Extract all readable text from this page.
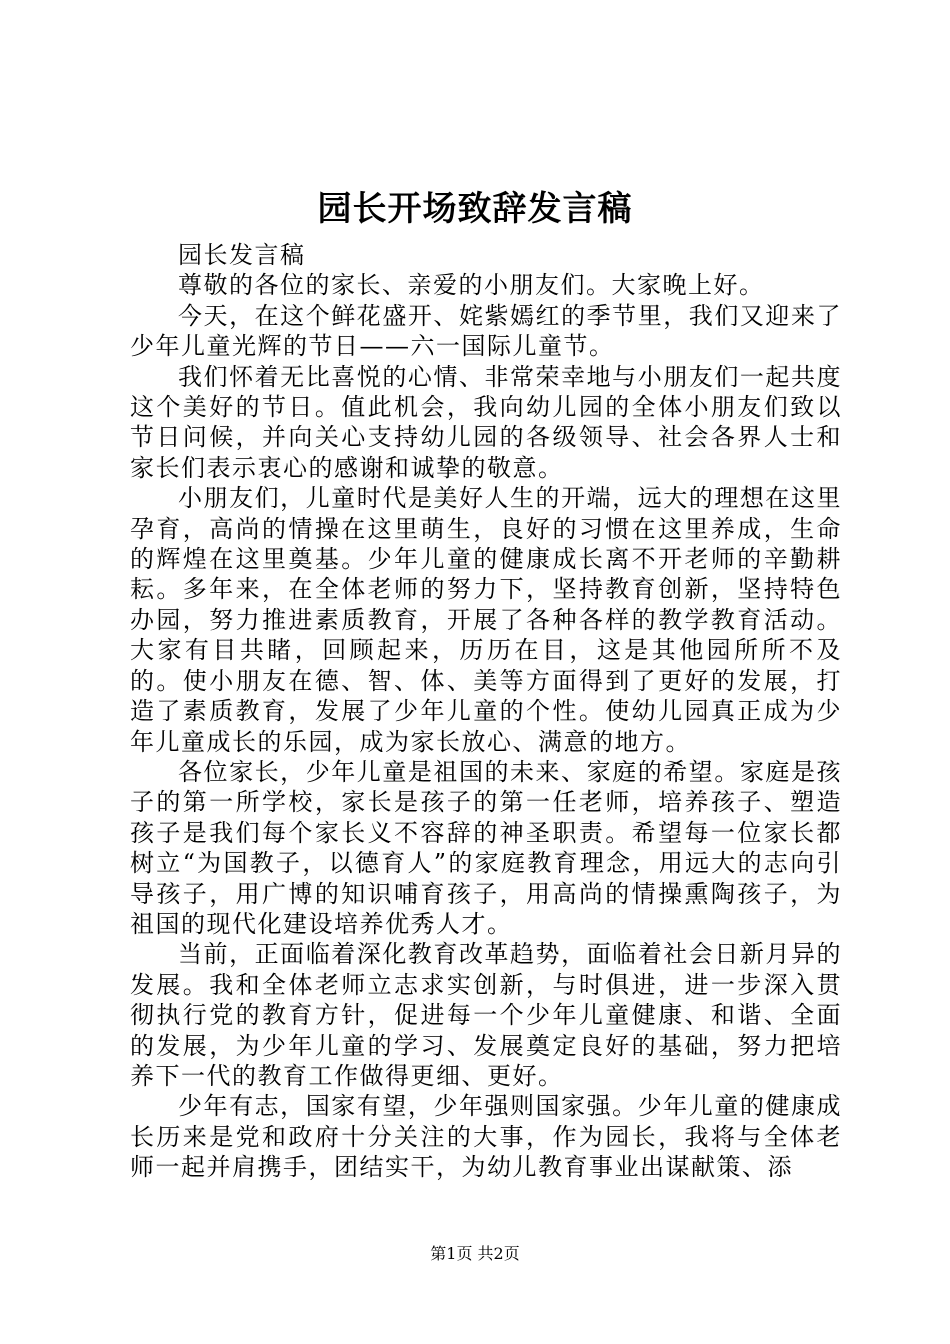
园长开场致辞发言稿

园长发言稿

尊敬的各位的家长、亲爱的小朋友们。大家晚上好。

今天，在这个鲜花盛开、姹紫嫣红的季节里，我们又迎来了少年儿童光辉的节日——六一国际儿童节。

我们怀着无比喜悦的心情、非常荣幸地与小朋友们一起共度这个美好的节日。值此机会，我向幼儿园的全体小朋友们致以节日问候，并向关心支持幼儿园的各级领导、社会各界人士和家长们表示衷心的感谢和诚挚的敬意。

小朋友们，儿童时代是美好人生的开端，远大的理想在这里孕育，高尚的情操在这里萌生，良好的习惯在这里养成，生命的辉煌在这里奠基。少年儿童的健康成长离不开老师的辛勤耕耘。多年来，在全体老师的努力下，坚持教育创新，坚持特色办园，努力推进素质教育，开展了各种各样的教学教育活动。大家有目共睹，回顾起来，历历在目，这是其他园所所不及的。使小朋友在德、智、体、美等方面得到了更好的发展，打造了素质教育，发展了少年儿童的个性。使幼儿园真正成为少年儿童成长的乐园，成为家长放心、满意的地方。

各位家长，少年儿童是祖国的未来、家庭的希望。家庭是孩子的第一所学校，家长是孩子的第一任老师，培养孩子、塑造孩子是我们每个家长义不容辞的神圣职责。希望每一位家长都树立“为国教子，以德育人”的家庭教育理念，用远大的志向引导孩子，用广博的知识哺育孩子，用高尚的情操熏陶孩子，为祖国的现代化建设培养优秀人才。

当前，正面临着深化教育改革趋势，面临着社会日新月异的发展。我和全体老师立志求实创新，与时俱进，进一步深入贯彻执行党的教育方针，促进每一个少年儿童健康、和谐、全面的发展，为少年儿童的学习、发展奠定良好的基础，努力把培养下一代的教育工作做得更细、更好。

少年有志，国家有望，少年强则国家强。少年儿童的健康成长历来是党和政府十分关注的大事，作为园长，我将与全体老师一起并肩携手，团结实干，为幼儿教育事业出谋献策、添

第1页 共2页
